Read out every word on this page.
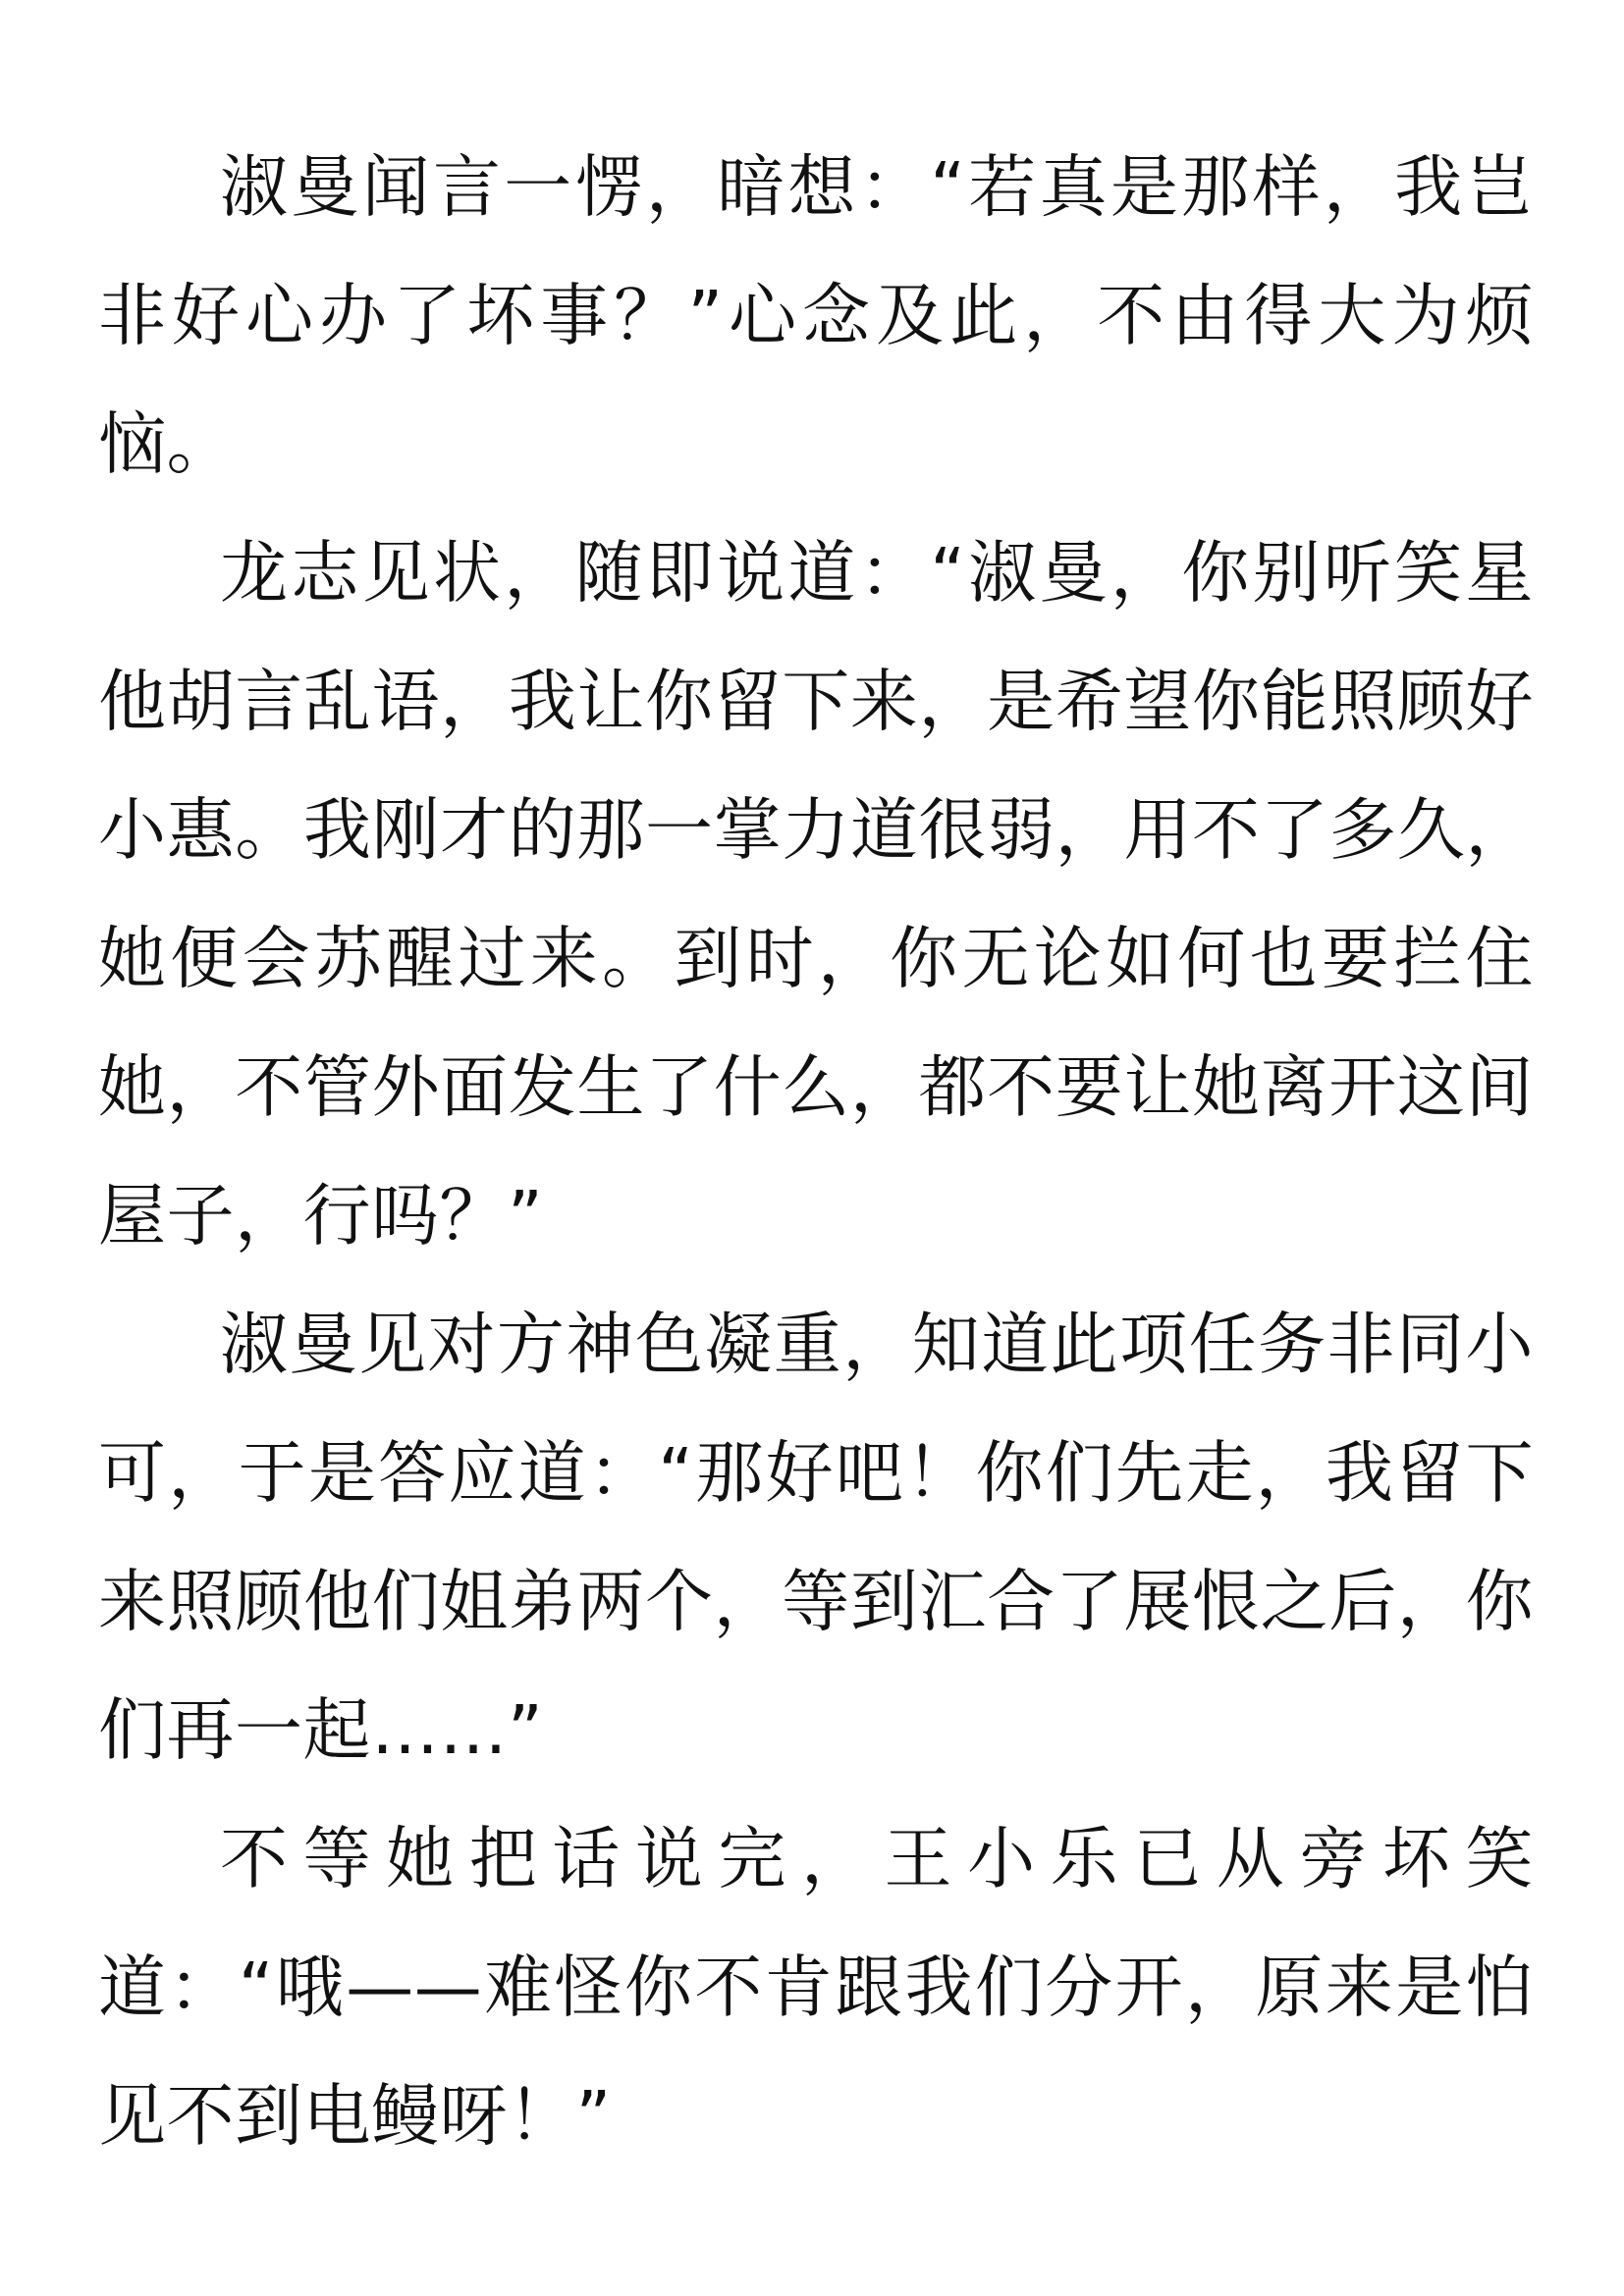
淑曼闻言一愣，暗想：“若真是那样，我岂非好心办了坏事？”心念及此，不由得大为烦恼。

龙志见状，随即说道：“淑曼，你别听笑星他胡言乱语，我让你留下来，是希望你能照顾好小惠。我刚才的那一掌力道很弱，用不了多久，她便会苏醒过来。到时，你无论如何也要拦住她，不管外面发生了什么，都不要让她离开这间屋子，行吗？”

淑曼见对方神色凝重，知道此项任务非同小可，于是答应道：“那好吧！你们先走，我留下来照顾他们姐弟两个，等到汇合了展恨之后，你们再一起……”

不等她把话说完，王小乐已从旁坏笑道：“哦——难怪你不肯跟我们分开，原来是怕见不到电鳗呀！”
